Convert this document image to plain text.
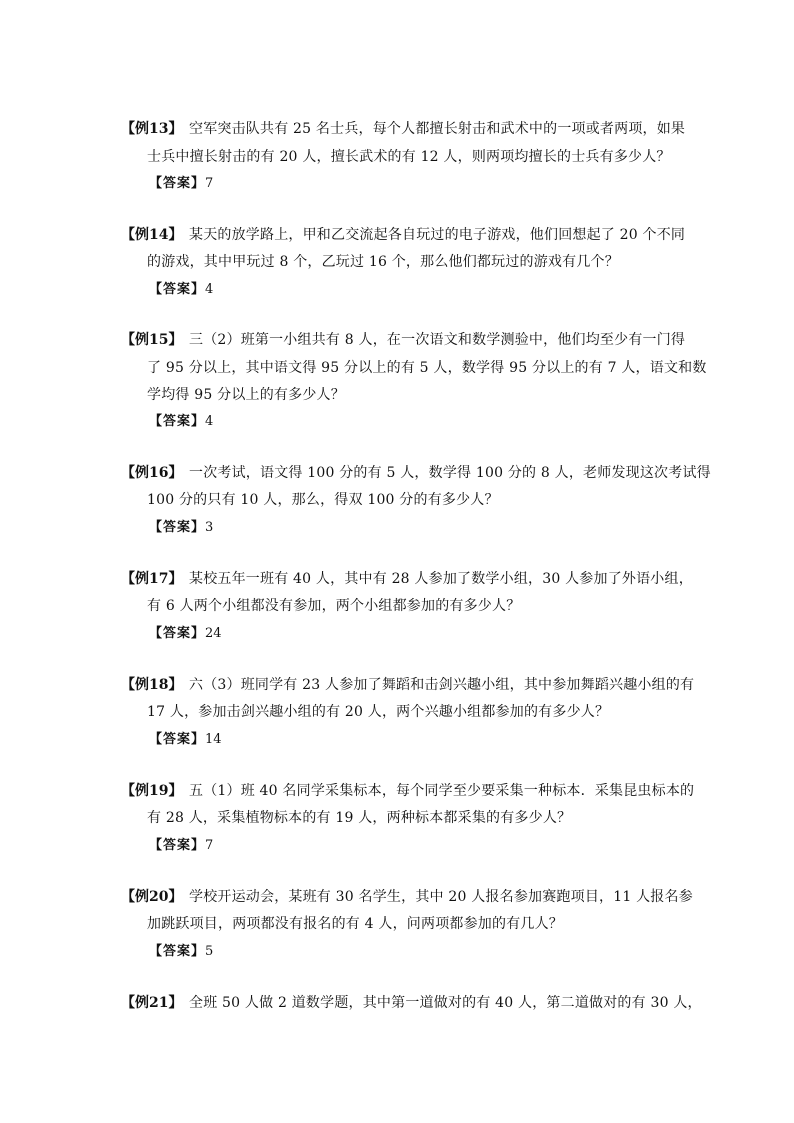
【例13】 空军突击队共有 25 名士兵，每个人都擅长射击和武术中的一项或者两项，如果
士兵中擅长射击的有 20 人，擅长武术的有 12 人，则两项均擅长的士兵有多少人？
【答案】7
【例14】 某天的放学路上，甲和乙交流起各自玩过的电子游戏，他们回想起了 20 个不同
的游戏，其中甲玩过 8 个，乙玩过 16 个，那么他们都玩过的游戏有几个？
【答案】4
【例15】 三（2）班第一小组共有 8 人，在一次语文和数学测验中，他们均至少有一门得
了 95 分以上，其中语文得 95 分以上的有 5 人，数学得 95 分以上的有 7 人，语文和数
学均得 95 分以上的有多少人？
【答案】4
【例16】 一次考试，语文得 100 分的有 5 人，数学得 100 分的 8 人，老师发现这次考试得
100 分的只有 10 人，那么，得双 100 分的有多少人？
【答案】3
【例17】 某校五年一班有 40 人，其中有 28 人参加了数学小组，30 人参加了外语小组，
有 6 人两个小组都没有参加，两个小组都参加的有多少人？
【答案】24
【例18】 六（3）班同学有 23 人参加了舞蹈和击剑兴趣小组，其中参加舞蹈兴趣小组的有
17 人，参加击剑兴趣小组的有 20 人，两个兴趣小组都参加的有多少人？
【答案】14
【例19】 五（1）班 40 名同学采集标本，每个同学至少要采集一种标本．采集昆虫标本的
有 28 人，采集植物标本的有 19 人，两种标本都采集的有多少人？
【答案】7
【例20】 学校开运动会，某班有 30 名学生，其中 20 人报名参加赛跑项目，11 人报名参
加跳跃项目，两项都没有报名的有 4 人，问两项都参加的有几人？
【答案】5
【例21】 全班 50 人做 2 道数学题，其中第一道做对的有 40 人，第二道做对的有 30 人，
